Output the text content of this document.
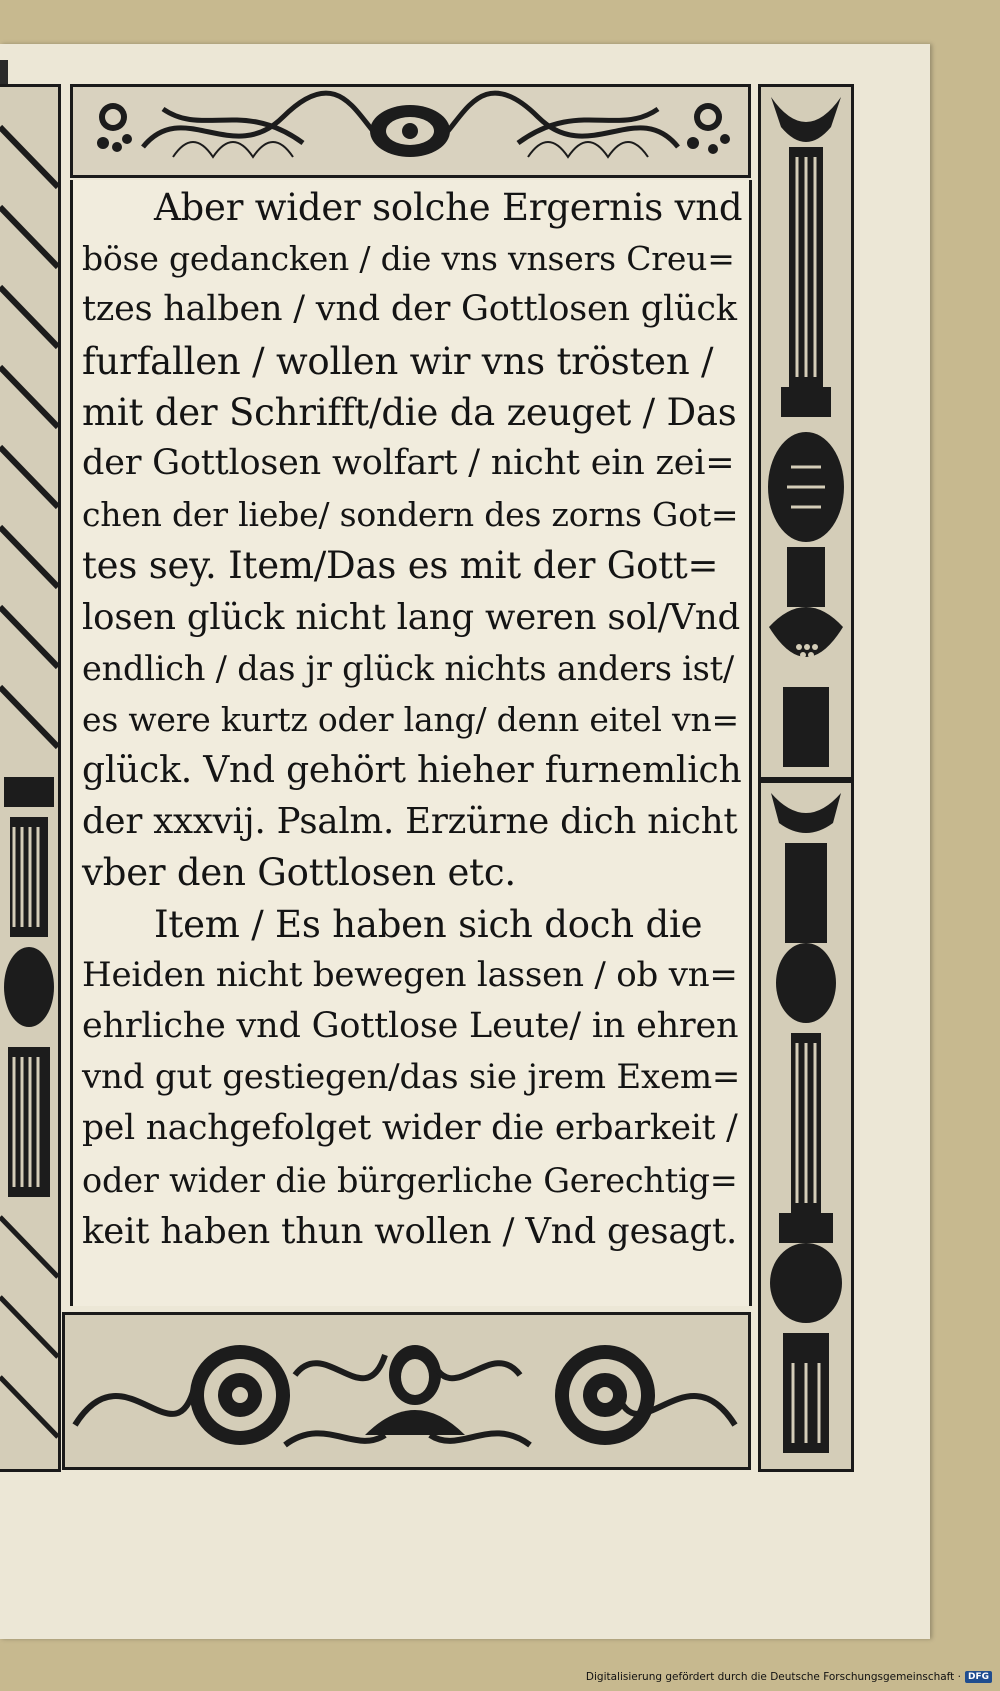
Aber wider solche Ergernis vnd
böse gedancken / die vns vnsers Creu=
tzes halben / vnd der Gottlosen glück
furfallen / wollen wir vns trösten /
mit der Schrifft/die da zeuget / Das
der Gottlosen wolfart / nicht ein zei=
chen der liebe/ sondern des zorns Got=
tes sey. Item/Das es mit der Gott=
losen glück nicht lang weren sol/Vnd
endlich / das jr glück nichts anders ist/
es were kurtz oder lang/ denn eitel vn=
glück. Vnd gehört hieher furnemlich
der xxxvij. Psalm. Erzürne dich nicht
vber den Gottlosen etc.
Item / Es haben sich doch die
Heiden nicht bewegen lassen / ob vn=
ehrliche vnd Gottlose Leute/ in ehren
vnd gut gestiegen/das sie jrem Exem=
pel nachgefolget wider die erbarkeit /
oder wider die bürgerliche Gerechtig=
keit haben thun wollen / Vnd gesagt.
Digitalisierung gefördert durch die Deutsche Forschungsgemeinschaft · DFG
